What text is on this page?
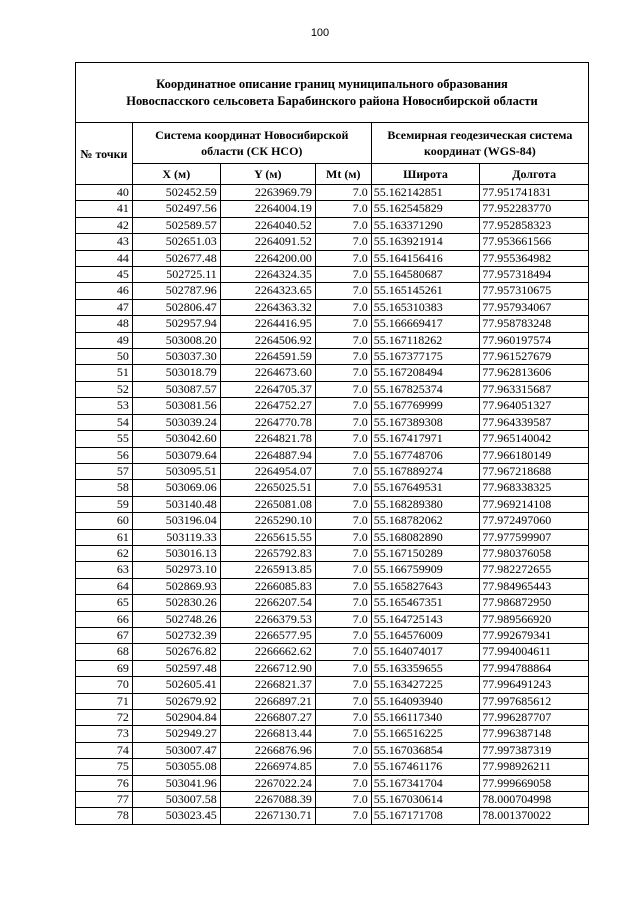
100
Координатное описание границ муниципального образования
Новоспасского сельсовета Барабинского района Новосибирской области					

№ точки	Система координат Новосибирской области (СК НСО)			Всемирная геодезическая система координат (WGS-84)	
	X (м)	Y (м)	Mt (м)	Широта	Долгота
40	502452.59	2263969.79	7.0	55.162142851	77.951741831
41	502497.56	2264004.19	7.0	55.162545829	77.952283770
42	502589.57	2264040.52	7.0	55.163371290	77.952858323
43	502651.03	2264091.52	7.0	55.163921914	77.953661566
44	502677.48	2264200.00	7.0	55.164156416	77.955364982
45	502725.11	2264324.35	7.0	55.164580687	77.957318494
46	502787.96	2264323.65	7.0	55.165145261	77.957310675
47	502806.47	2264363.32	7.0	55.165310383	77.957934067
48	502957.94	2264416.95	7.0	55.166669417	77.958783248
49	503008.20	2264506.92	7.0	55.167118262	77.960197574
50	503037.30	2264591.59	7.0	55.167377175	77.961527679
51	503018.79	2264673.60	7.0	55.167208494	77.962813606
52	503087.57	2264705.37	7.0	55.167825374	77.963315687
53	503081.56	2264752.27	7.0	55.167769999	77.964051327
54	503039.24	2264770.78	7.0	55.167389308	77.964339587
55	503042.60	2264821.78	7.0	55.167417971	77.965140042
56	503079.64	2264887.94	7.0	55.167748706	77.966180149
57	503095.51	2264954.07	7.0	55.167889274	77.967218688
58	503069.06	2265025.51	7.0	55.167649531	77.968338325
59	503140.48	2265081.08	7.0	55.168289380	77.969214108
60	503196.04	2265290.10	7.0	55.168782062	77.972497060
61	503119.33	2265615.55	7.0	55.168082890	77.977599907
62	503016.13	2265792.83	7.0	55.167150289	77.980376058
63	502973.10	2265913.85	7.0	55.166759909	77.982272655
64	502869.93	2266085.83	7.0	55.165827643	77.984965443
65	502830.26	2266207.54	7.0	55.165467351	77.986872950
66	502748.26	2266379.53	7.0	55.164725143	77.989566920
67	502732.39	2266577.95	7.0	55.164576009	77.992679341
68	502676.82	2266662.62	7.0	55.164074017	77.994004611
69	502597.48	2266712.90	7.0	55.163359655	77.994788864
70	502605.41	2266821.37	7.0	55.163427225	77.996491243
71	502679.92	2266897.21	7.0	55.164093940	77.997685612
72	502904.84	2266807.27	7.0	55.166117340	77.996287707
73	502949.27	2266813.44	7.0	55.166516225	77.996387148
74	503007.47	2266876.96	7.0	55.167036854	77.997387319
75	503055.08	2266974.85	7.0	55.167461176	77.998926211
76	503041.96	2267022.24	7.0	55.167341704	77.999669058
77	503007.58	2267088.39	7.0	55.167030614	78.000704998
78	503023.45	2267130.71	7.0	55.167171708	78.001370022
